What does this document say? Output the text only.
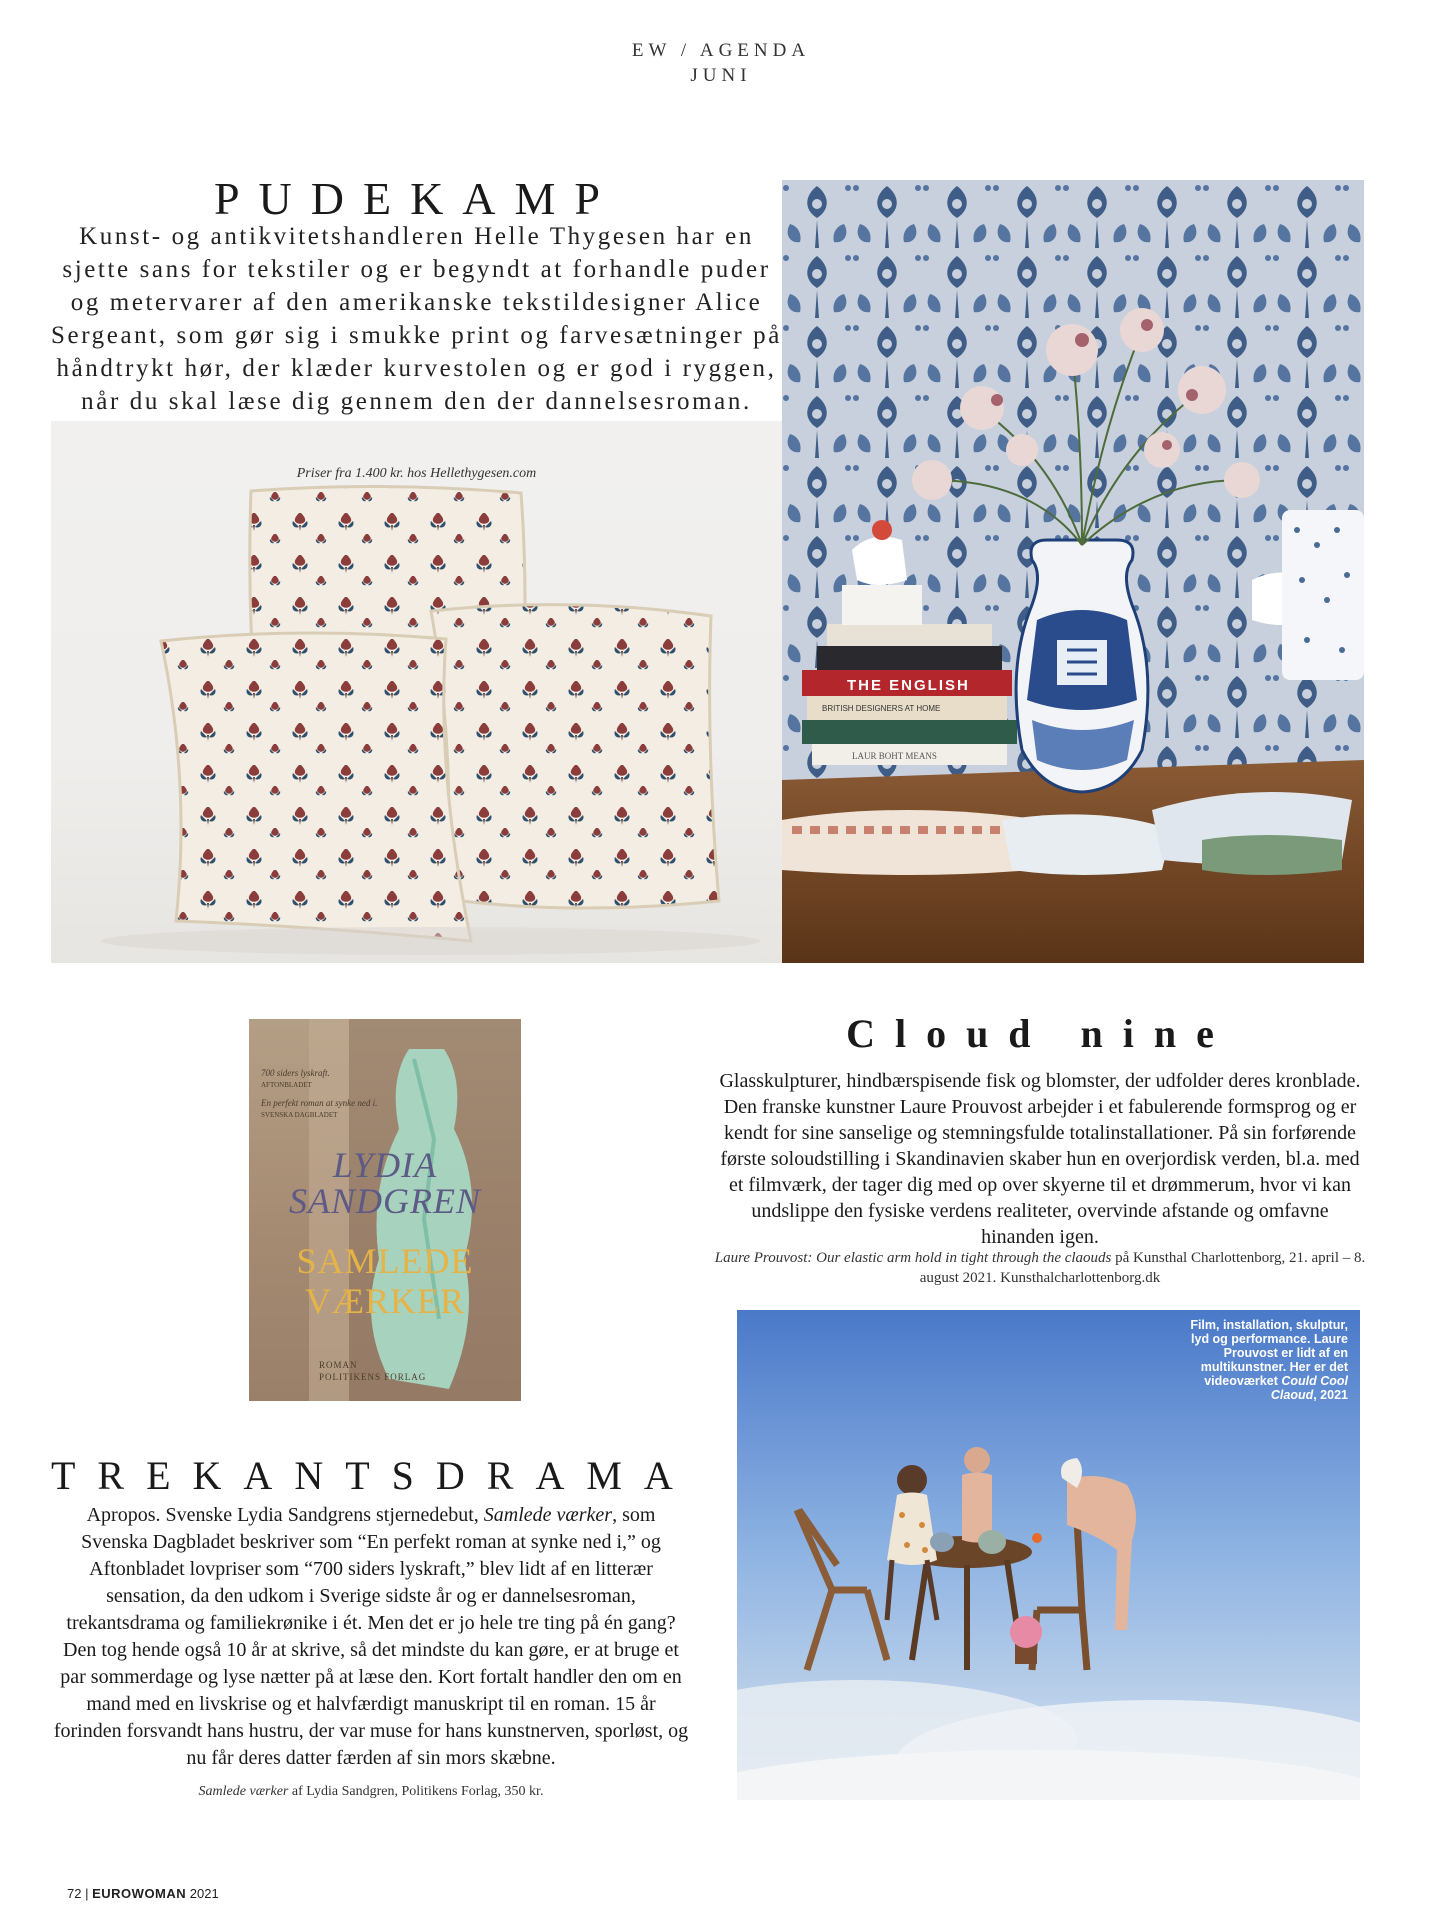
EW / AGENDA
JUNI
PUDEKAMP
Kunst- og antikvitetshandleren Helle Thygesen har en sjette sans for tekstiler og er begyndt at forhandle puder og metervarer af den amerikanske tekstildesigner Alice Sergeant, som gør sig i smukke print og farvesætninger på håndtrykt hør, der klæder kurvestolen og er god i ryggen, når du skal læse dig gennem den der dannelsesroman.
Priser fra 1.400 kr. hos Hellethygesen.com
THE ENGLISH
BRITISH DESIGNERS AT HOME
LAUR BOHT MEANS
700 siders lyskraft.
AFTONBLADET
En perfekt roman at synke ned i.
SVENSKA DAGBLADET
LYDIA
SANDGREN
SAMLEDE
VÆRKER
ROMAN
POLITIKENS FORLAG
TREKANTSDRAMA
Apropos. Svenske Lydia Sandgrens stjernedebut, Samlede værker, som Svenska Dagbladet beskriver som “En perfekt roman at synke ned i,” og Aftonbladet lovpriser som “700 siders lyskraft,” blev lidt af en litterær sensation, da den udkom i Sverige sidste år og er dannelsesroman, trekantsdrama og familiekrønike i ét. Men det er jo hele tre ting på én gang? Den tog hende også 10 år at skrive, så det mindste du kan gøre, er at bruge et par sommerdage og lyse nætter på at læse den. Kort fortalt handler den om en mand med en livskrise og et halvfærdigt manuskript til en roman. 15 år forinden forsvandt hans hustru, der var muse for hans kunstnerven, sporløst, og nu får deres datter færden af sin mors skæbne.
Samlede værker af Lydia Sandgren, Politikens Forlag, 350 kr.
Cloud nine
Glasskulpturer, hindbærspisende fisk og blomster, der udfolder deres kronblade. Den franske kunstner Laure Prouvost arbejder i et fabulerende formsprog og er kendt for sine sanselige og stemningsfulde totalinstallationer. På sin forførende første soloudstilling i Skandinavien skaber hun en overjordisk verden, bl.a. med et filmværk, der tager dig med op over skyerne til et drømmerum, hvor vi kan undslippe den fysiske verdens realiteter, overvinde afstande og omfavne hinanden igen.
Laure Prouvost: Our elastic arm hold in tight through the claouds på Kunsthal Charlottenborg, 21. april – 8. august 2021. Kunsthalcharlottenborg.dk
Film, installation, skulptur, lyd og performance. Laure Prouvost er lidt af en multikunstner. Her er det videoværket Could Cool Claoud, 2021
72 | EUROWOMAN 2021
